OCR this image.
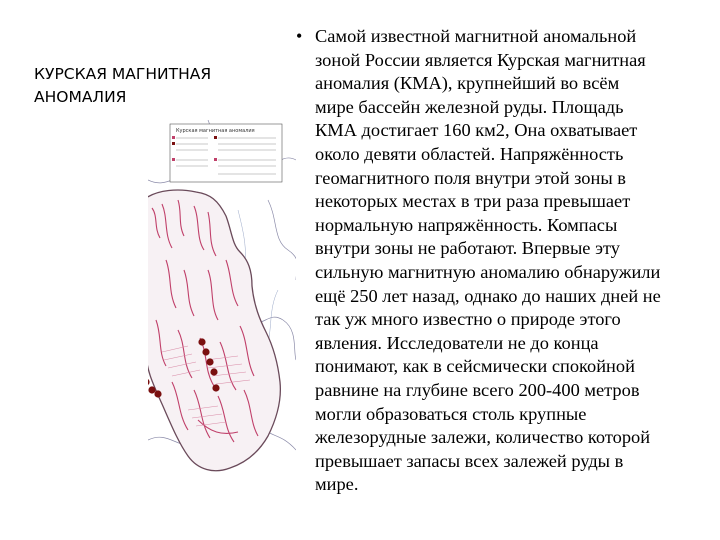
КУРСКАЯ МАГНИТНАЯ
АНОМАЛИЯ
Курская магнитная аномалия
• Самой известной магнитной аномальной
зоной России является Курская магнитная
аномалия (КМА), крупнейший во всём
мире бассейн железной руды. Площадь
КМА достигает 160 км2, Она охватывает
около девяти областей. Напряжённость
геомагнитного поля внутри этой зоны в
некоторых местах в три раза превышает
нормальную напряжённость. Компасы
внутри зоны не работают. Впервые эту
сильную магнитную аномалию обнаружили
ещё 250 лет назад, однако до наших дней не
так уж много известно о природе этого
явления. Исследователи не до конца
понимают, как в сейсмически спокойной
равнине на глубине всего 200-400 метров
могли образоваться столь крупные
железорудные залежи, количество которой
превышает запасы всех залежей руды в
мире.
